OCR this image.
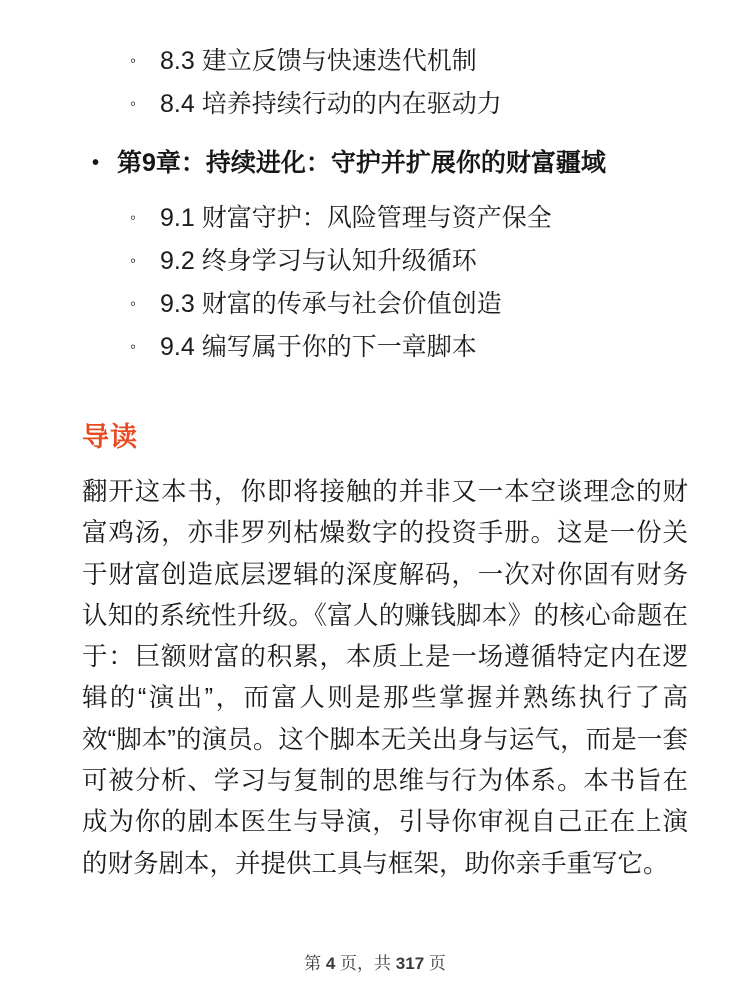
◦ 8.3 建立反馈与快速迭代机制
◦ 8.4 培养持续行动的内在驱动力
• 第9章：持续进化：守护并扩展你的财富疆域
◦ 9.1 财富守护：风险管理与资产保全
◦ 9.2 终身学习与认知升级循环
◦ 9.3 财富的传承与社会价值创造
◦ 9.4 编写属于你的下一章脚本
导读

翻开这本书，你即将接触的并非又一本空谈理念的财富鸡汤，亦非罗列枯燥数字的投资手册。这是一份关于财富创造底层逻辑的深度解码，一次对你固有财务认知的系统性升级。《富人的赚钱脚本》的核心命题在于：巨额财富的积累，本质上是一场遵循特定内在逻辑的“演出”，而富人则是那些掌握并熟练执行了高效“脚本”的演员。这个脚本无关出身与运气，而是一套可被分析、学习与复制的思维与行为体系。本书旨在成为你的剧本医生与导演，引导你审视自己正在上演的财务剧本，并提供工具与框架，助你亲手重写它。

第 4 页，共 317 页
